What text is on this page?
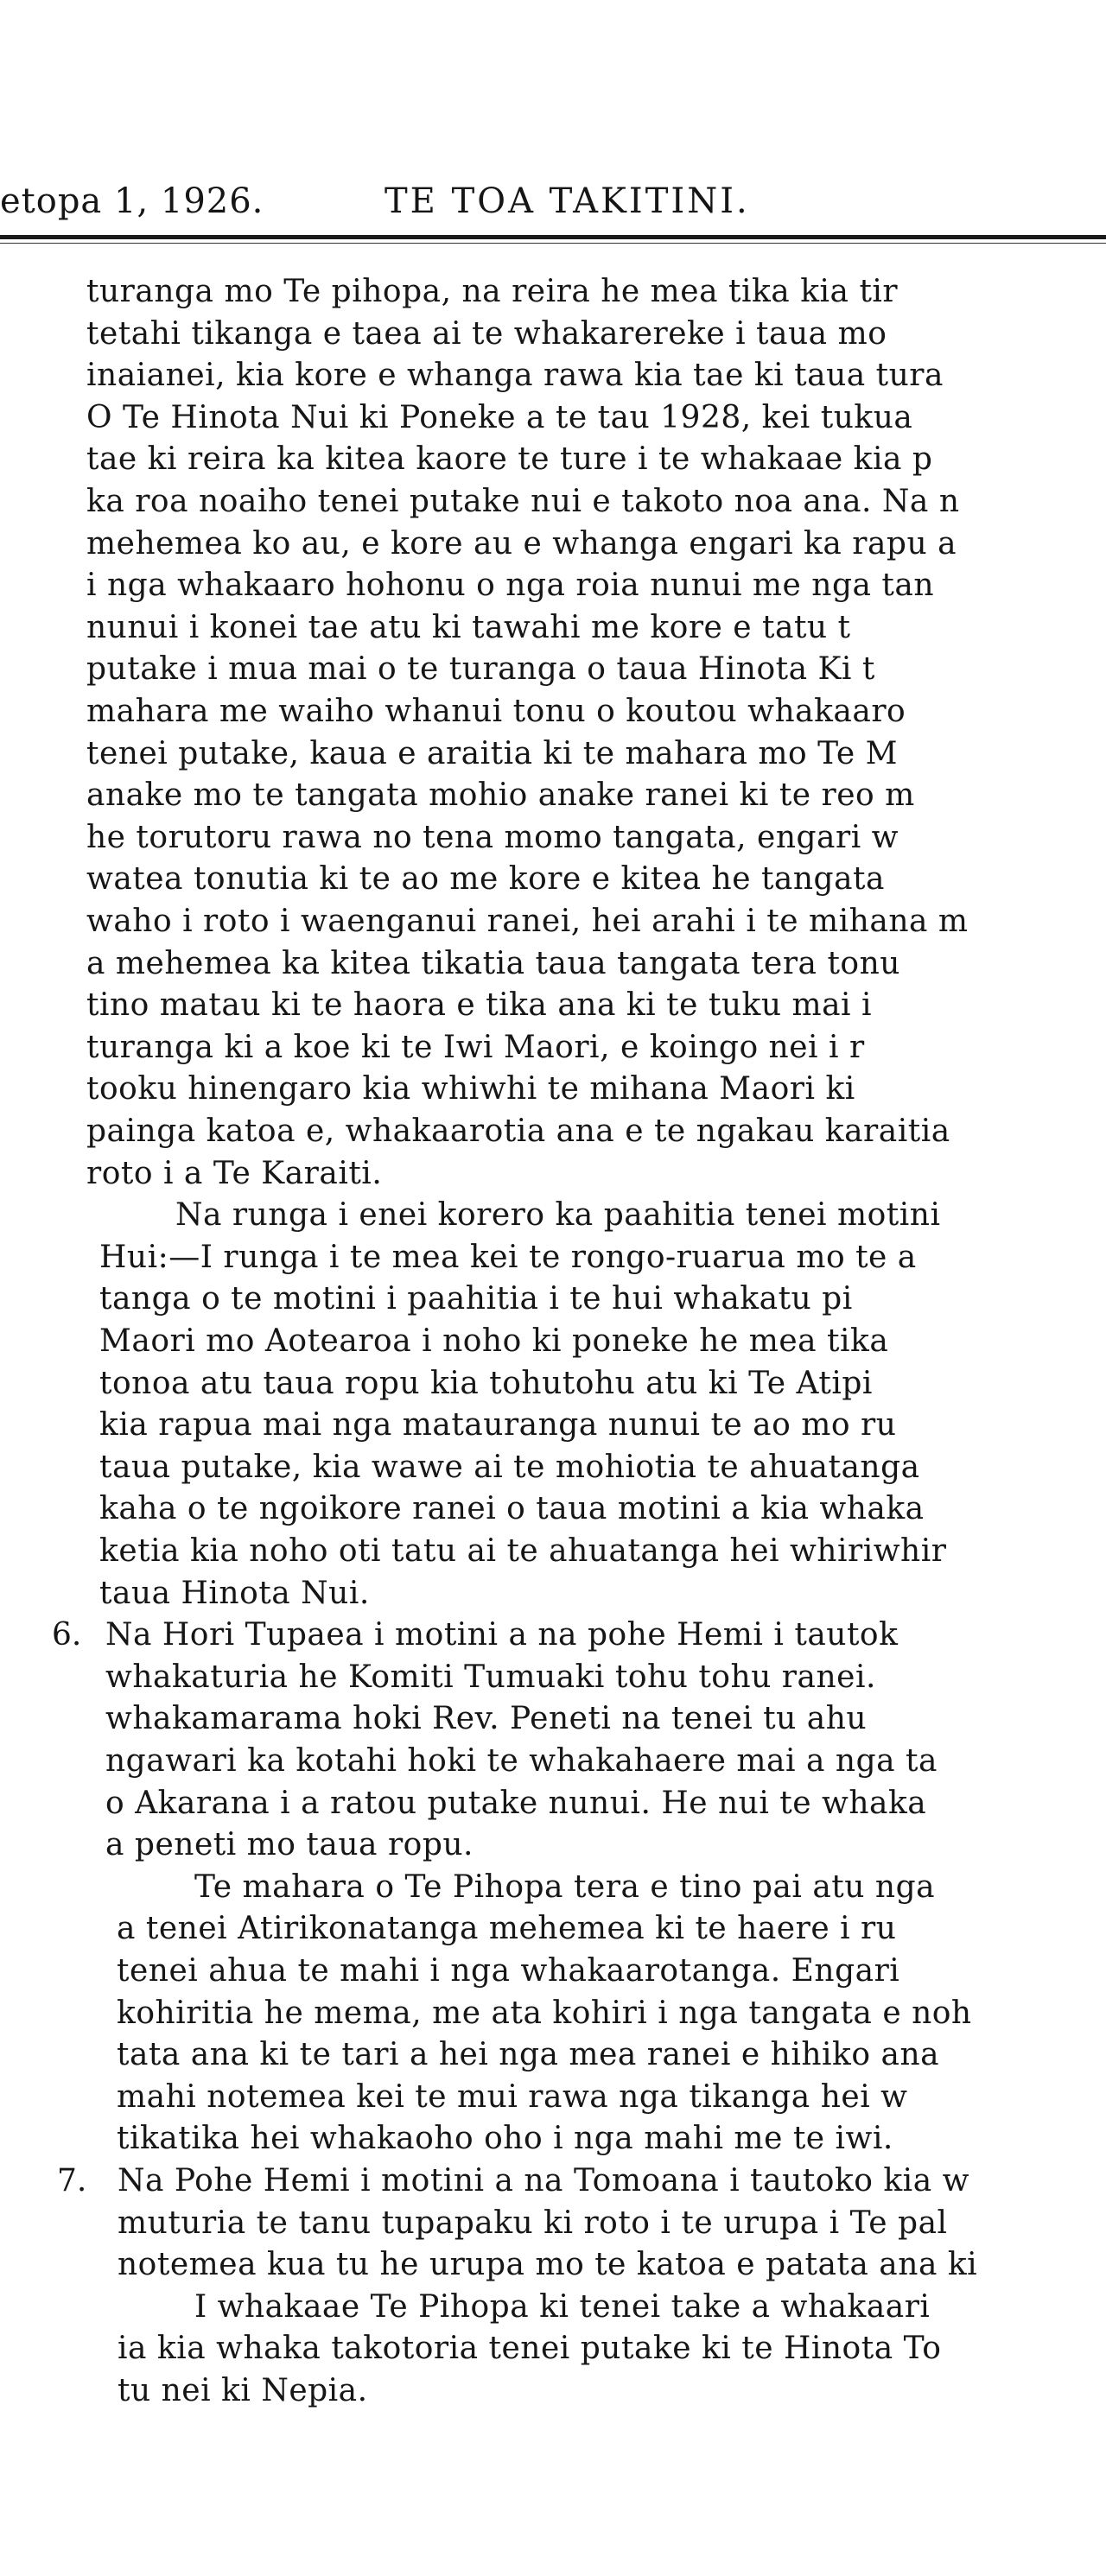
etopa 1, 1926.	TE TOA TAKITINI.
turanga mo Te pihopa, na reira he mea tika kia tir
tetahi tikanga e taea ai te whakarereke i taua mo
inaianei, kia kore e whanga rawa kia tae ki taua tura
O Te Hinota Nui ki Poneke a te tau 1928, kei tukua
tae ki reira ka kitea kaore te ture i te whakaae kia p
ka roa noaiho tenei putake nui e takoto noa ana. Na n
mehemea ko au, e kore au e whanga engari ka rapu a
i nga whakaaro hohonu o nga roia nunui me nga tan
nunui i konei tae atu ki tawahi me kore e tatu t
putake i mua mai o te turanga o taua Hinota Ki t
mahara me waiho whanui tonu o koutou whakaaro
tenei putake, kaua e araitia ki te mahara mo Te M
anake mo te tangata mohio anake ranei ki te reo m
he torutoru rawa no tena momo tangata, engari w
watea tonutia ki te ao me kore e kitea he tangata
waho i roto i waenganui ranei, hei arahi i te mihana m
a mehemea ka kitea tikatia taua tangata tera tonu
tino matau ki te haora e tika ana ki te tuku mai i
turanga ki a koe ki te Iwi Maori, e koingo nei i r
tooku hinengaro kia whiwhi te mihana Maori ki
painga katoa e, whakaarotia ana e te ngakau karaitia
roto i a Te Karaiti.
Na runga i enei korero ka paahitia tenei motini
Hui:—I runga i te mea kei te rongo-ruarua mo te a
tanga o te motini i paahitia i te hui whakatu pi
Maori mo Aotearoa i noho ki poneke he mea tika
tonoa atu taua ropu kia tohutohu atu ki Te Atipi
kia rapua mai nga matauranga nunui te ao mo ru
taua putake, kia wawe ai te mohiotia te ahuatanga
kaha o te ngoikore ranei o taua motini a kia whaka
ketia kia noho oti tatu ai te ahuatanga hei whiriwhir
taua Hinota Nui.
6. Na Hori Tupaea i motini a na pohe Hemi i tautok
whakaturia he Komiti Tumuaki tohu tohu ranei.
whakamaramа hoki Rev. Peneti na tenei tu ahu
ngawari ka kotahi hoki te whakahaere mai a nga ta
o Akarana i a ratou putake nunui. He nui te whaka
a peneti mo taua ropu.
Te mahara o Te Pihopa tera e tino pai atu nga
a tenei Atirikonatanga mehemea ki te haere i ru
tenei ahua te mahi i nga whakaarotanga. Engari
kohiritia he mema, me ata kohiri i nga tangata e noh
tata ana ki te tari a hei nga mea ranei e hihiko ana
mahi notemea kei te mui rawa nga tikanga hei w
tikatika hei whakaoho oho i nga mahi me te iwi.
7. Na Pohe Hemi i motini a na Tomoana i tautoko kia w
muturia te tanu tupapaku ki roto i te urupa i Te pal
notemea kua tu he urupa mo te katoa e patata ana ki
I whakaae Te Pihopa ki tenei take a whakaari
ia kia whaka takotoria tenei putake ki te Hinota To
tu nei ki Nepia.
